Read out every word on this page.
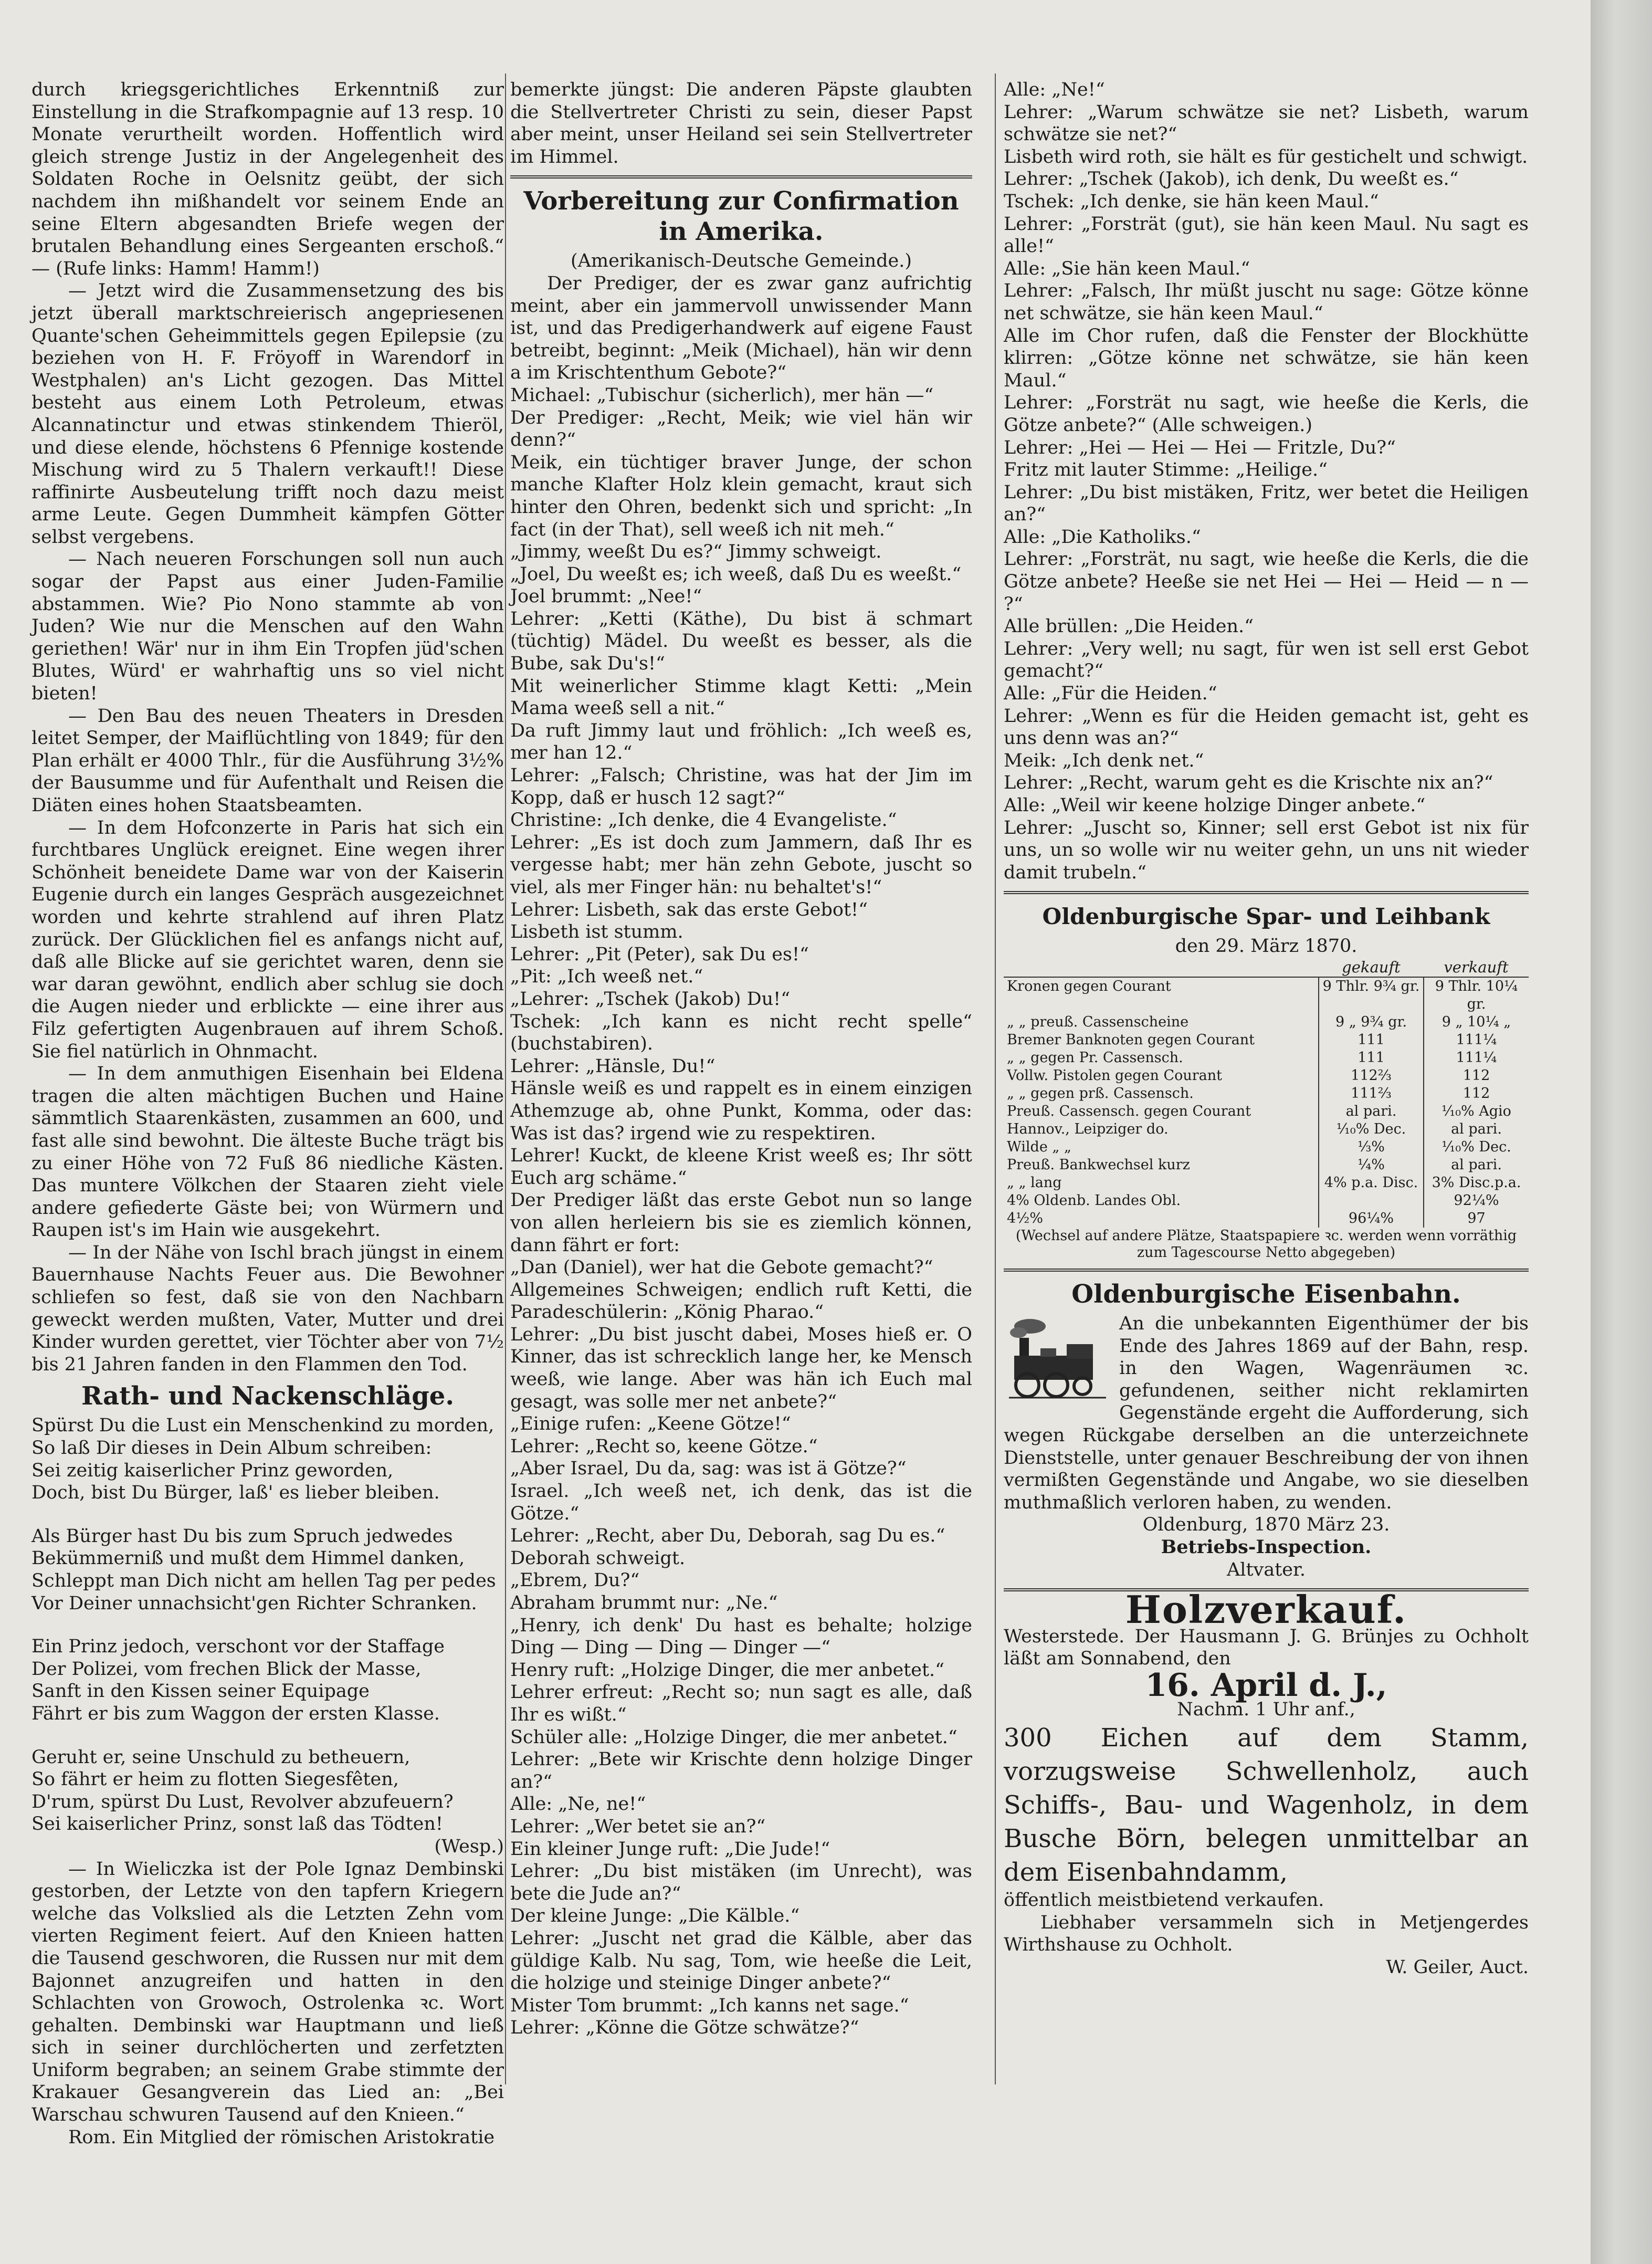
durch kriegsgerichtliches Erkenntniß zur Einstellung in die Strafkompagnie auf 13 resp. 10 Monate verurtheilt worden. Hoffentlich wird gleich strenge Justiz in der Angelegenheit des Soldaten Roche in Oelsnitz geübt, der sich nachdem ihn mißhandelt vor seinem Ende an seine Eltern abgesandten Briefe wegen der brutalen Behandlung eines Sergeanten erschoß.“ — (Rufe links: Hamm! Hamm!)

— Jetzt wird die Zusammensetzung des bis jetzt überall marktschreierisch angepriesenen Quante'schen Geheimmittels gegen Epilepsie (zu beziehen von H. F. Fröyoff in Warendorf in Westphalen) an's Licht gezogen. Das Mittel besteht aus einem Loth Petroleum, etwas Alcannatinctur und etwas stinkendem Thieröl, und diese elende, höchstens 6 Pfennige kostende Mischung wird zu 5 Thalern verkauft!! Diese raffinirte Ausbeutelung trifft noch dazu meist arme Leute. Gegen Dummheit kämpfen Götter selbst vergebens.

— Nach neueren Forschungen soll nun auch sogar der Papst aus einer Juden-Familie abstammen. Wie? Pio Nono stammte ab von Juden? Wie nur die Menschen auf den Wahn geriethen! Wär' nur in ihm Ein Tropfen jüd'schen Blutes, Würd' er wahrhaftig uns so viel nicht bieten!

— Den Bau des neuen Theaters in Dresden leitet Semper, der Maiflüchtling von 1849; für den Plan erhält er 4000 Thlr., für die Ausführung 3½% der Bausumme und für Aufenthalt und Reisen die Diäten eines hohen Staatsbeamten.

— In dem Hofconzerte in Paris hat sich ein furchtbares Unglück ereignet. Eine wegen ihrer Schönheit beneidete Dame war von der Kaiserin Eugenie durch ein langes Gespräch ausgezeichnet worden und kehrte strahlend auf ihren Platz zurück. Der Glücklichen fiel es anfangs nicht auf, daß alle Blicke auf sie gerichtet waren, denn sie war daran gewöhnt, endlich aber schlug sie doch die Augen nieder und erblickte — eine ihrer aus Filz gefertigten Augenbrauen auf ihrem Schoß. Sie fiel natürlich in Ohnmacht.

— In dem anmuthigen Eisenhain bei Eldena tragen die alten mächtigen Buchen und Haine sämmtlich Staarenkästen, zusammen an 600, und fast alle sind bewohnt. Die älteste Buche trägt bis zu einer Höhe von 72 Fuß 86 niedliche Kästen. Das muntere Völkchen der Staaren zieht viele andere gefiederte Gäste bei; von Würmern und Raupen ist's im Hain wie ausgekehrt.

— In der Nähe von Ischl brach jüngst in einem Bauernhause Nachts Feuer aus. Die Bewohner schliefen so fest, daß sie von den Nachbarn geweckt werden mußten, Vater, Mutter und drei Kinder wurden gerettet, vier Töchter aber von 7½ bis 21 Jahren fanden in den Flammen den Tod.

Rath- und Nackenschläge.

Spürst Du die Lust ein Menschenkind zu morden,
So laß Dir dieses in Dein Album schreiben:
Sei zeitig kaiserlicher Prinz geworden,
Doch, bist Du Bürger, laß' es lieber bleiben.

Als Bürger hast Du bis zum Spruch jedwedes
Bekümmerniß und mußt dem Himmel danken,
Schleppt man Dich nicht am hellen Tag per pedes
Vor Deiner unnachsicht'gen Richter Schranken.

Ein Prinz jedoch, verschont vor der Staffage
Der Polizei, vom frechen Blick der Masse,
Sanft in den Kissen seiner Equipage
Fährt er bis zum Waggon der ersten Klasse.

Geruht er, seine Unschuld zu betheuern,
So fährt er heim zu flotten Siegesfêten,
D'rum, spürst Du Lust, Revolver abzufeuern?
Sei kaiserlicher Prinz, sonst laß das Tödten!

(Wesp.)

— In Wieliczka ist der Pole Ignaz Dembinski gestorben, der Letzte von den tapfern Kriegern welche das Volkslied als die Letzten Zehn vom vierten Regiment feiert. Auf den Knieen hatten die Tausend geschworen, die Russen nur mit dem Bajonnet anzugreifen und hatten in den Schlachten von Growoch, Ostrolenka ꝛc. Wort gehalten. Dembinski war Hauptmann und ließ sich in seiner durchlöcherten und zerfetzten Uniform begraben; an seinem Grabe stimmte der Krakauer Gesangverein das Lied an: „Bei Warschau schwuren Tausend auf den Knieen.“

Rom. Ein Mitglied der römischen Aristokratie

bemerkte jüngst: Die anderen Päpste glaubten die Stellvertreter Christi zu sein, dieser Papst aber meint, unser Heiland sei sein Stellvertreter im Himmel.

Vorbereitung zur Confirmation in Amerika.

(Amerikanisch-Deutsche Gemeinde.)

Der Prediger, der es zwar ganz aufrichtig meint, aber ein jammervoll unwissender Mann ist, und das Predigerhandwerk auf eigene Faust betreibt, beginnt: „Meik (Michael), hän wir denn a im Krischtenthum Gebote?“
Michael: „Tubischur (sicherlich), mer hän —“
Der Prediger: „Recht, Meik; wie viel hän wir denn?“
Meik, ein tüchtiger braver Junge, der schon manche Klafter Holz klein gemacht, kraut sich hinter den Ohren, bedenkt sich und spricht: „In fact (in der That), sell weeß ich nit meh.“
„Jimmy, weeßt Du es?“ Jimmy schweigt.
„Joel, Du weeßt es; ich weeß, daß Du es weeßt.“
Joel brummt: „Nee!“
Lehrer: „Ketti (Käthe), Du bist ä schmart (tüchtig) Mädel. Du weeßt es besser, als die Bube, sak Du's!“
Mit weinerlicher Stimme klagt Ketti: „Mein Mama weeß sell a nit.“
Da ruft Jimmy laut und fröhlich: „Ich weeß es, mer han 12.“
Lehrer: „Falsch; Christine, was hat der Jim im Kopp, daß er husch 12 sagt?“
Christine: „Ich denke, die 4 Evangeliste.“
Lehrer: „Es ist doch zum Jammern, daß Ihr es vergesse habt; mer hän zehn Gebote, juscht so viel, als mer Finger hän: nu behaltet's!“
Lehrer: Lisbeth, sak das erste Gebot!“
Lisbeth ist stumm.
Lehrer: „Pit (Peter), sak Du es!“
„Pit: „Ich weeß net.“
„Lehrer: „Tschek (Jakob) Du!“
Tschek: „Ich kann es nicht recht spelle“ (buchstabiren).
Lehrer: „Hänsle, Du!“
Hänsle weiß es und rappelt es in einem einzigen Athemzuge ab, ohne Punkt, Komma, oder das: Was ist das? irgend wie zu respektiren.
Lehrer! Kuckt, de kleene Krist weeß es; Ihr sött Euch arg schäme.“
Der Prediger läßt das erste Gebot nun so lange von allen herleiern bis sie es ziemlich können, dann fährt er fort:
„Dan (Daniel), wer hat die Gebote gemacht?“
Allgemeines Schweigen; endlich ruft Ketti, die Paradeschülerin: „König Pharao.“
Lehrer: „Du bist juscht dabei, Moses hieß er. O Kinner, das ist schrecklich lange her, ke Mensch weeß, wie lange. Aber was hän ich Euch mal gesagt, was solle mer net anbete?“
„Einige rufen: „Keene Götze!“
Lehrer: „Recht so, keene Götze.“
„Aber Israel, Du da, sag: was ist ä Götze?“
Israel. „Ich weeß net, ich denk, das ist die Götze.“
Lehrer: „Recht, aber Du, Deborah, sag Du es.“
Deborah schweigt.
„Ebrem, Du?“
Abraham brummt nur: „Ne.“
„Henry, ich denk' Du hast es behalte; holzige Ding — Ding — Ding — Dinger —“
Henry ruft: „Holzige Dinger, die mer anbetet.“
Lehrer erfreut: „Recht so; nun sagt es alle, daß Ihr es wißt.“
Schüler alle: „Holzige Dinger, die mer anbetet.“
Lehrer: „Bete wir Krischte denn holzige Dinger an?“
Alle: „Ne, ne!“
Lehrer: „Wer betet sie an?“
Ein kleiner Junge ruft: „Die Jude!“
Lehrer: „Du bist mistäken (im Unrecht), was bete die Jude an?“
Der kleine Junge: „Die Kälble.“
Lehrer: „Juscht net grad die Kälble, aber das güldige Kalb. Nu sag, Tom, wie heeße die Leit, die holzige und steinige Dinger anbete?“
Mister Tom brummt: „Ich kanns net sage.“
Lehrer: „Könne die Götze schwätze?“

Alle: „Ne!“
Lehrer: „Warum schwätze sie net? Lisbeth, warum schwätze sie net?“
Lisbeth wird roth, sie hält es für gestichelt und schwigt.
Lehrer: „Tschek (Jakob), ich denk, Du weeßt es.“
Tschek: „Ich denke, sie hän keen Maul.“
Lehrer: „Forsträt (gut), sie hän keen Maul. Nu sagt es alle!“
Alle: „Sie hän keen Maul.“
Lehrer: „Falsch, Ihr müßt juscht nu sage: Götze könne net schwätze, sie hän keen Maul.“
Alle im Chor rufen, daß die Fenster der Blockhütte klirren: „Götze könne net schwätze, sie hän keen Maul.“
Lehrer: „Forsträt nu sagt, wie heeße die Kerls, die Götze anbete?“ (Alle schweigen.)
Lehrer: „Hei — Hei — Hei — Fritzle, Du?“
Fritz mit lauter Stimme: „Heilige.“
Lehrer: „Du bist mistäken, Fritz, wer betet die Heiligen an?“
Alle: „Die Katholiks.“
Lehrer: „Forsträt, nu sagt, wie heeße die Kerls, die die Götze anbete? Heeße sie net Hei — Hei — Heid — n — ?“
Alle brüllen: „Die Heiden.“
Lehrer: „Very well; nu sagt, für wen ist sell erst Gebot gemacht?“
Alle: „Für die Heiden.“
Lehrer: „Wenn es für die Heiden gemacht ist, geht es uns denn was an?“
Meik: „Ich denk net.“
Lehrer: „Recht, warum geht es die Krischte nix an?“
Alle: „Weil wir keene holzige Dinger anbete.“
Lehrer: „Juscht so, Kinner; sell erst Gebot ist nix für uns, un so wolle wir nu weiter gehn, un uns nit wieder damit trubeln.“

Oldenburgische Spar- und Leihbank

den 29. März 1870.

	gekauft	verkauft
Kronen gegen Courant	9 Thlr. 9¾ gr.	9 Thlr. 10¼ gr.
„ „ preuß. Cassenscheine	9 „ 9¾ gr.	9 „ 10¼ „
Bremer Banknoten gegen Courant	111	111¼
„ „ gegen Pr. Cassensch.	111	111¼
Vollw. Pistolen gegen Courant	112⅔	112
„ „ gegen prß. Cassensch.	111⅔	112
Preuß. Cassensch. gegen Courant	al pari.	⅟₁₀% Agio
Hannov., Leipziger do.	⅟₁₀% Dec.	al pari.
Wilde „ „	⅓%	⅟₁₀% Dec.
Preuß. Bankwechsel kurz	¼%	al pari.
„ „ lang	4% p.a. Disc.	3% Disc.p.a.
4% Oldenb. Landes Obl.		92¼%
4½%	96¼%	97

(Wechsel auf andere Plätze, Staatspapiere ꝛc. werden wenn vorräthig zum Tagescourse Netto abgegeben)

Oldenburgische Eisenbahn.

An die unbekannten Eigenthümer der bis Ende des Jahres 1869 auf der Bahn, resp. in den Wagen, Wagenräumen ꝛc. gefundenen, seither nicht reklamirten Gegenstände ergeht die Aufforderung, sich wegen Rückgabe derselben an die unterzeichnete Dienststelle, unter genauer Beschreibung der von ihnen vermißten Gegenstände und Angabe, wo sie dieselben muthmaßlich verloren haben, zu wenden.

Oldenburg, 1870 März 23.

Betriebs-Inspection.

Altvater.

Holzverkauf.

Westerstede. Der Hausmann J. G. Brünjes zu Ochholt läßt am Sonnabend, den

16. April d. J.,

Nachm. 1 Uhr anf.,

300 Eichen auf dem Stamm, vorzugsweise Schwellenholz, auch Schiffs-, Bau- und Wagenholz, in dem Busche Börn, belegen unmittelbar an dem Eisenbahndamm,

öffentlich meistbietend verkaufen.

Liebhaber versammeln sich in Metjengerdes Wirthshause zu Ochholt.

W. Geiler, Auct.
